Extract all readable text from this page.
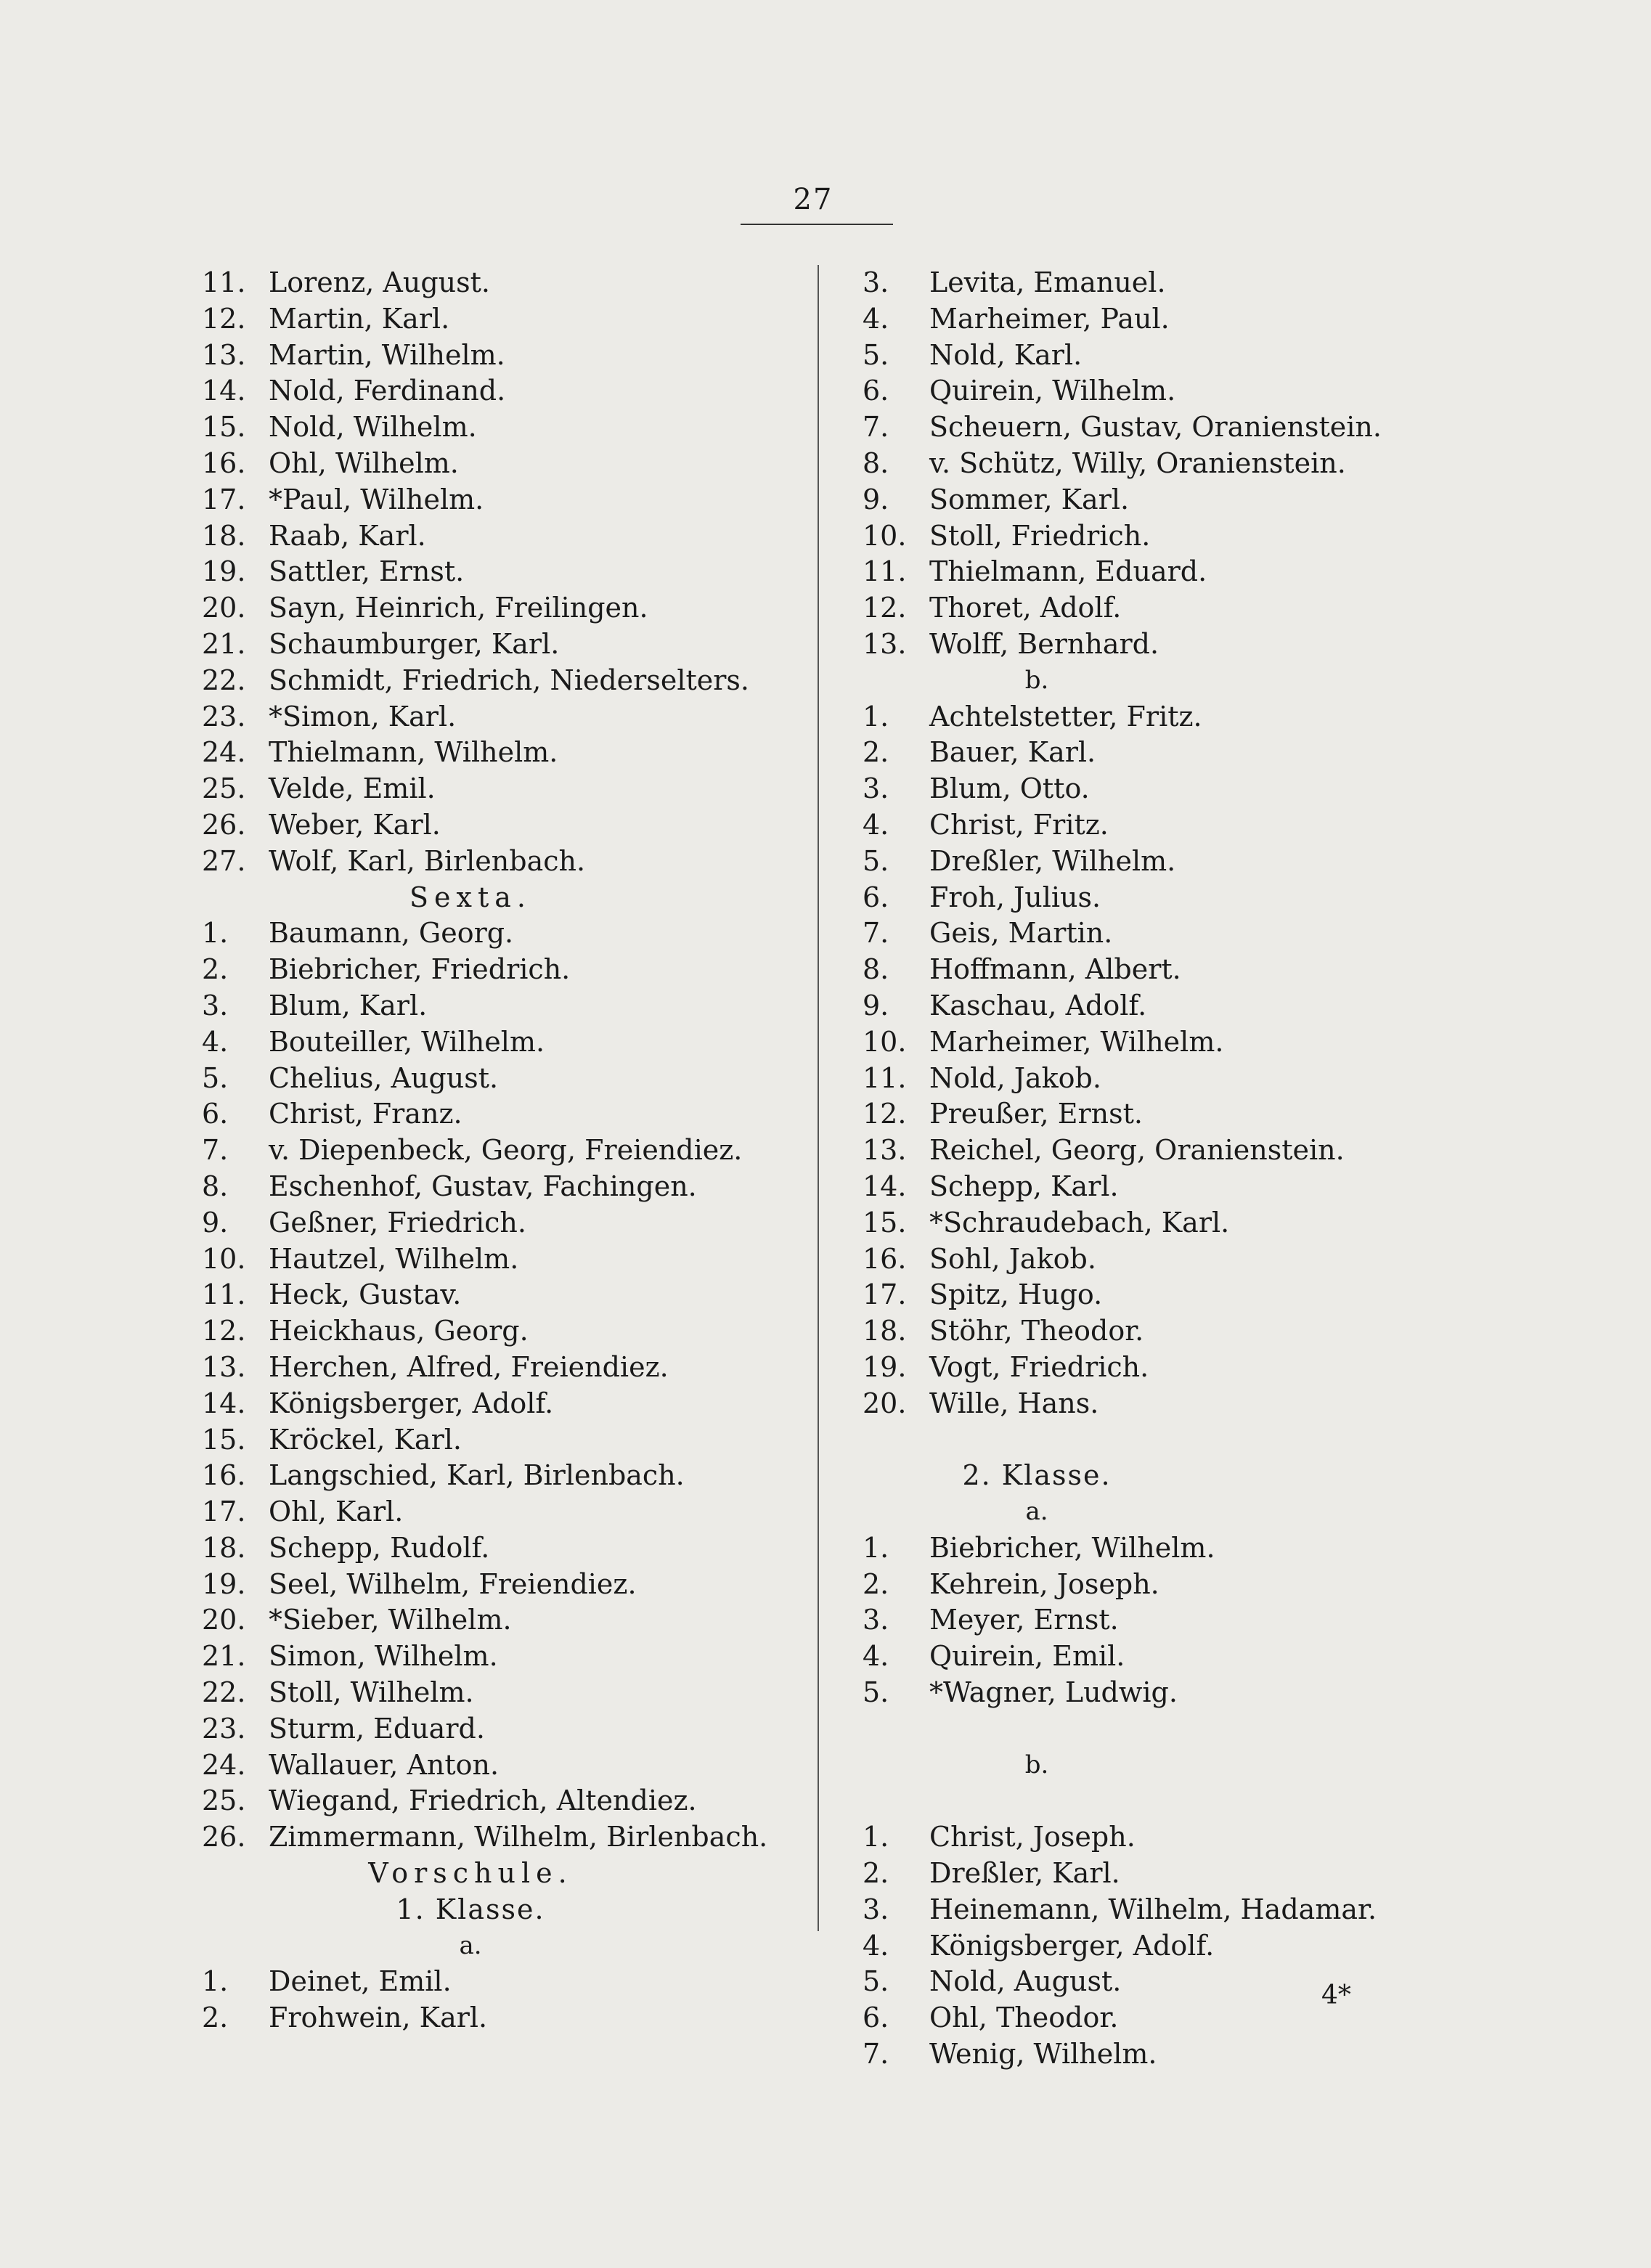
27
11. Lorenz, August.
12. Martin, Karl.
13. Martin, Wilhelm.
14. Nold, Ferdinand.
15. Nold, Wilhelm.
16. Ohl, Wilhelm.
17. *Paul, Wilhelm.
18. Raab, Karl.
19. Sattler, Ernst.
20. Sayn, Heinrich, Freilingen.
21. Schaumburger, Karl.
22. Schmidt, Friedrich, Niederselters.
23. *Simon, Karl.
24. Thielmann, Wilhelm.
25. Velde, Emil.
26. Weber, Karl.
27. Wolf, Karl, Birlenbach.
Sexta.
1. Baumann, Georg.
2. Biebricher, Friedrich.
3. Blum, Karl.
4. Bouteiller, Wilhelm.
5. Chelius, August.
6. Christ, Franz.
7. v. Diepenbeck, Georg, Freiendiez.
8. Eschenhof, Gustav, Fachingen.
9. Geßner, Friedrich.
10. Hautzel, Wilhelm.
11. Heck, Gustav.
12. Heickhaus, Georg.
13. Herchen, Alfred, Freiendiez.
14. Königsberger, Adolf.
15. Kröckel, Karl.
16. Langschied, Karl, Birlenbach.
17. Ohl, Karl.
18. Schepp, Rudolf.
19. Seel, Wilhelm, Freiendiez.
20. *Sieber, Wilhelm.
21. Simon, Wilhelm.
22. Stoll, Wilhelm.
23. Sturm, Eduard.
24. Wallauer, Anton.
25. Wiegand, Friedrich, Altendiez.
26. Zimmermann, Wilhelm, Birlenbach.
Vorschule.
1. Klasse.
a.
1. Deinet, Emil.
2. Frohwein, Karl.
3. Levita, Emanuel.
4. Marheimer, Paul.
5. Nold, Karl.
6. Quirein, Wilhelm.
7. Scheuern, Gustav, Oranienstein.
8. v. Schütz, Willy, Oranienstein.
9. Sommer, Karl.
10. Stoll, Friedrich.
11. Thielmann, Eduard.
12. Thoret, Adolf.
13. Wolff, Bernhard.
b.
1. Achtelstetter, Fritz.
2. Bauer, Karl.
3. Blum, Otto.
4. Christ, Fritz.
5. Dreßler, Wilhelm.
6. Froh, Julius.
7. Geis, Martin.
8. Hoffmann, Albert.
9. Kaschau, Adolf.
10. Marheimer, Wilhelm.
11. Nold, Jakob.
12. Preußer, Ernst.
13. Reichel, Georg, Oranienstein.
14. Schepp, Karl.
15. *Schraudebach, Karl.
16. Sohl, Jakob.
17. Spitz, Hugo.
18. Stöhr, Theodor.
19. Vogt, Friedrich.
20. Wille, Hans.
2. Klasse.
a.
1. Biebricher, Wilhelm.
2. Kehrein, Joseph.
3. Meyer, Ernst.
4. Quirein, Emil.
5. *Wagner, Ludwig.
b.
1. Christ, Joseph.
2. Dreßler, Karl.
3. Heinemann, Wilhelm, Hadamar.
4. Königsberger, Adolf.
5. Nold, August.
6. Ohl, Theodor.
7. Wenig, Wilhelm.
4*
